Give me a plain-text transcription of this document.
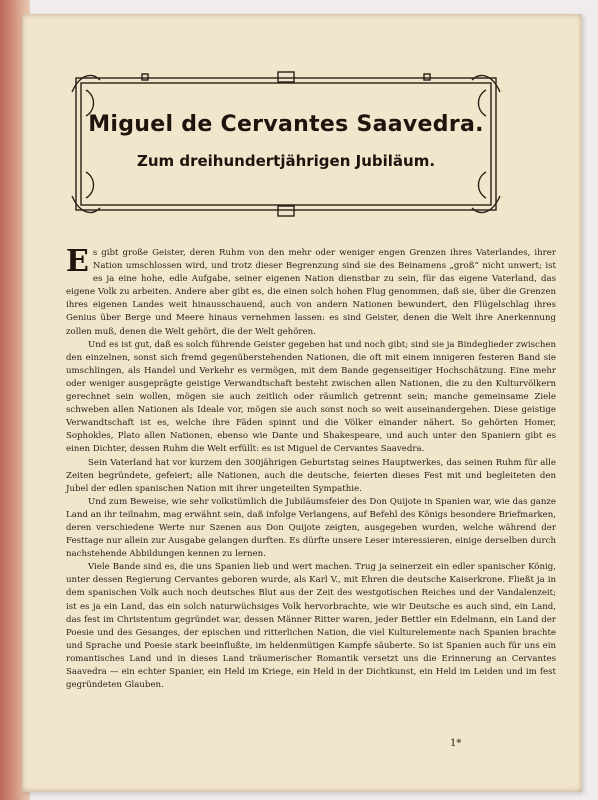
Miguel de Cervantes Saavedra.
Zum dreihundertjährigen Jubiläum.

Es gibt große Geister, deren Ruhm von den mehr oder weniger engen Grenzen ihres Vaterlandes, ihrer Nation umschlossen wird, und trotz dieser Begrenzung sind sie des Beinamens „groß“ nicht unwert; ist es ja eine hohe, edle Aufgabe, seiner eigenen Nation dienstbar zu sein, für das eigene Vaterland, das eigene Volk zu arbeiten. Andere aber gibt es, die einen solch hohen Flug genommen, daß sie, über die Grenzen ihres eigenen Landes weit hinausschauend, auch von andern Nationen bewundert, den Flügelschlag ihres Genius über Berge und Meere hinaus vernehmen lassen: es sind Geister, denen die Welt ihre Anerkennung zollen muß, denen die Welt gehört, die der Welt gehören.

Und es ist gut, daß es solch führende Geister gegeben hat und noch gibt; sind sie ja Bindeglieder zwischen den einzelnen, sonst sich fremd gegenüberstehenden Nationen, die oft mit einem innigeren festeren Band sie umschlingen, als Handel und Verkehr es vermögen, mit dem Bande gegenseitiger Hochschätzung. Eine mehr oder weniger ausgeprägte geistige Verwandtschaft besteht zwischen allen Nationen, die zu den Kulturvölkern gerechnet sein wollen, mögen sie auch zeitlich oder räumlich getrennt sein; manche gemeinsame Ziele schweben allen Nationen als Ideale vor, mögen sie auch sonst noch so weit auseinandergehen. Diese geistige Verwandtschaft ist es, welche ihre Fäden spinnt und die Völker einander nähert. So gehörten Homer, Sophokles, Plato allen Nationen, ebenso wie Dante und Shakespeare, und auch unter den Spaniern gibt es einen Dichter, dessen Ruhm die Welt erfüllt: es ist Miguel de Cervantes Saavedra.

Sein Vaterland hat vor kurzem den 300jährigen Geburtstag seines Hauptwerkes, das seinen Ruhm für alle Zeiten begründete, gefeiert; alle Nationen, auch die deutsche, feierten dieses Fest mit und begleiteten den Jubel der edlen spanischen Nation mit ihrer ungeteilten Sympathie.

Und zum Beweise, wie sehr volkstümlich die Jubiläumsfeier des Don Quijote in Spanien war, wie das ganze Land an ihr teilnahm, mag erwähnt sein, daß infolge Verlangens, auf Befehl des Königs besondere Briefmarken, deren verschiedene Werte nur Szenen aus Don Quijote zeigten, ausgegeben wurden, welche während der Festtage nur allein zur Ausgabe gelangen durften. Es dürfte unsere Leser interessieren, einige derselben durch nachstehende Abbildungen kennen zu lernen.

Viele Bande sind es, die uns Spanien lieb und wert machen. Trug ja seinerzeit ein edler spanischer König, unter dessen Regierung Cervantes geboren wurde, als Karl V., mit Ehren die deutsche Kaiserkrone. Fließt ja in dem spanischen Volk auch noch deutsches Blut aus der Zeit des westgotischen Reiches und der Vandalenzeit; ist es ja ein Land, das ein solch naturwüchsiges Volk hervorbrachte, wie wir Deutsche es auch sind, ein Land, das fest im Christentum gegründet war, dessen Männer Ritter waren, jeder Bettler ein Edelmann, ein Land der Poesie und des Gesanges, der epischen und ritterlichen Nation, die viel Kulturelemente nach Spanien brachte und Sprache und Poesie stark beeinflußte, im heldenmütigen Kampfe säuberte. So ist Spanien auch für uns ein romantisches Land und in dieses Land träumerischer Romantik versetzt uns die Erinnerung an Cervantes Saavedra — ein echter Spanier, ein Held im Kriege, ein Held in der Dichtkunst, ein Held im Leiden und im fest gegründeten Glauben.

1*
